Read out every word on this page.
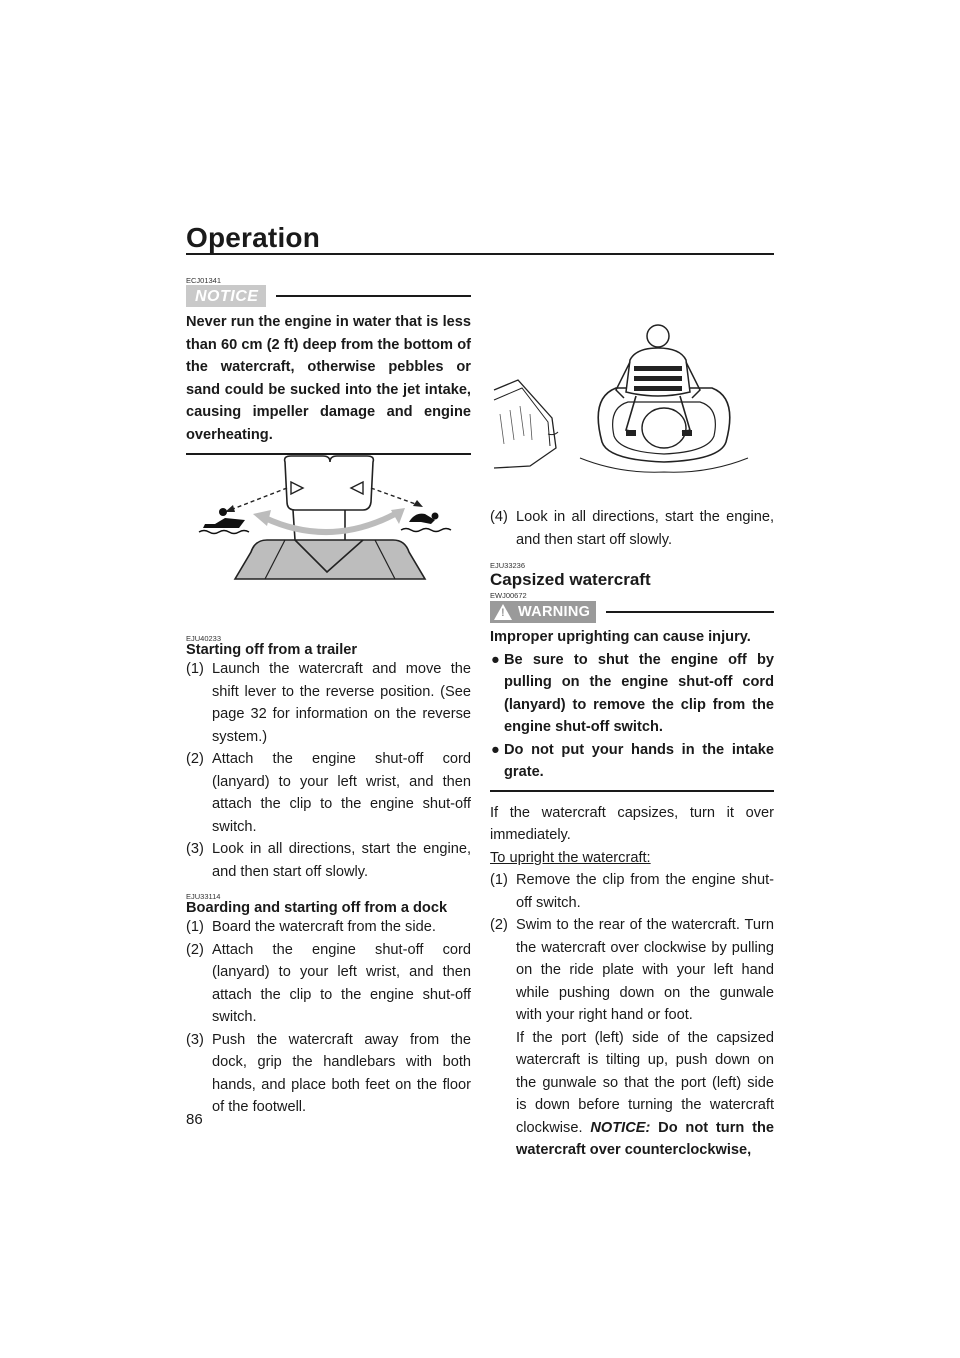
Operation
ECJ01341
NOTICE

Never run the engine in water that is less than 60 cm (2 ft) deep from the bottom of the watercraft, otherwise pebbles or sand could be sucked into the jet intake, causing impeller damage and engine overheating.

EJU40233
Starting off from a trailer
(1) Launch the watercraft and move the shift lever to the reverse position. (See page 32 for information on the reverse system.)
(2) Attach the engine shut-off cord (lanyard) to your left wrist, and then attach the clip to the engine shut-off switch.
(3) Look in all directions, start the engine, and then start off slowly.
EJU33114
Boarding and starting off from a dock
(1) Board the watercraft from the side.
(2) Attach the engine shut-off cord (lanyard) to your left wrist, and then attach the clip to the engine shut-off switch.
(3) Push the watercraft away from the dock, grip the handlebars with both hands, and place both feet on the floor of the footwell.
(4) Look in all directions, start the engine, and then start off slowly.
EJU33236
Capsized watercraft
EWJ00672
! WARNING

Improper uprighting can cause injury.

● Be sure to shut the engine off by pulling on the engine shut-off cord (lanyard) to remove the clip from the engine shut-off switch.
● Do not put your hands in the intake grate.

If the watercraft capsizes, turn it over immediately.

To upright the watercraft:

(1) Remove the clip from the engine shut-off switch.
(2) Swim to the rear of the watercraft. Turn the watercraft over clockwise by pulling on the ride plate with your left hand while pushing down on the gunwale with your right hand or foot.

If the port (left) side of the capsized watercraft is tilting up, push down on the gunwale so that the port (left) side is down before turning the watercraft clockwise. NOTICE: Do not turn the watercraft over counterclockwise,

86
